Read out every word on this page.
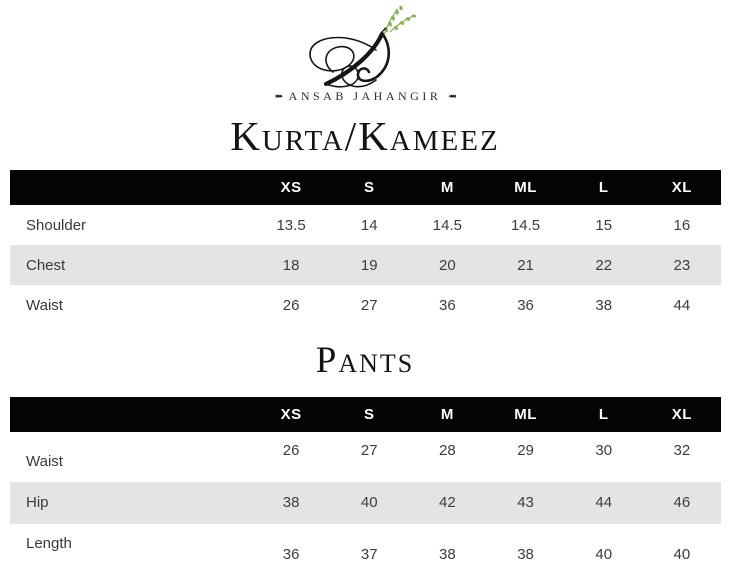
▸▸▸ ANSAB JAHANGIR ◂◂◂
Kurta/Kameez
	XS	S	M	ML	L	XL
Shoulder	13.5	14	14.5	14.5	15	16
Chest	18	19	20	21	22	23
Waist	26	27	36	36	38	44
Pants
	XS	S	M	ML	L	XL
Waist	26	27	28	29	30	32
Hip	38	40	42	43	44	46
Length	36	37	38	38	40	40
